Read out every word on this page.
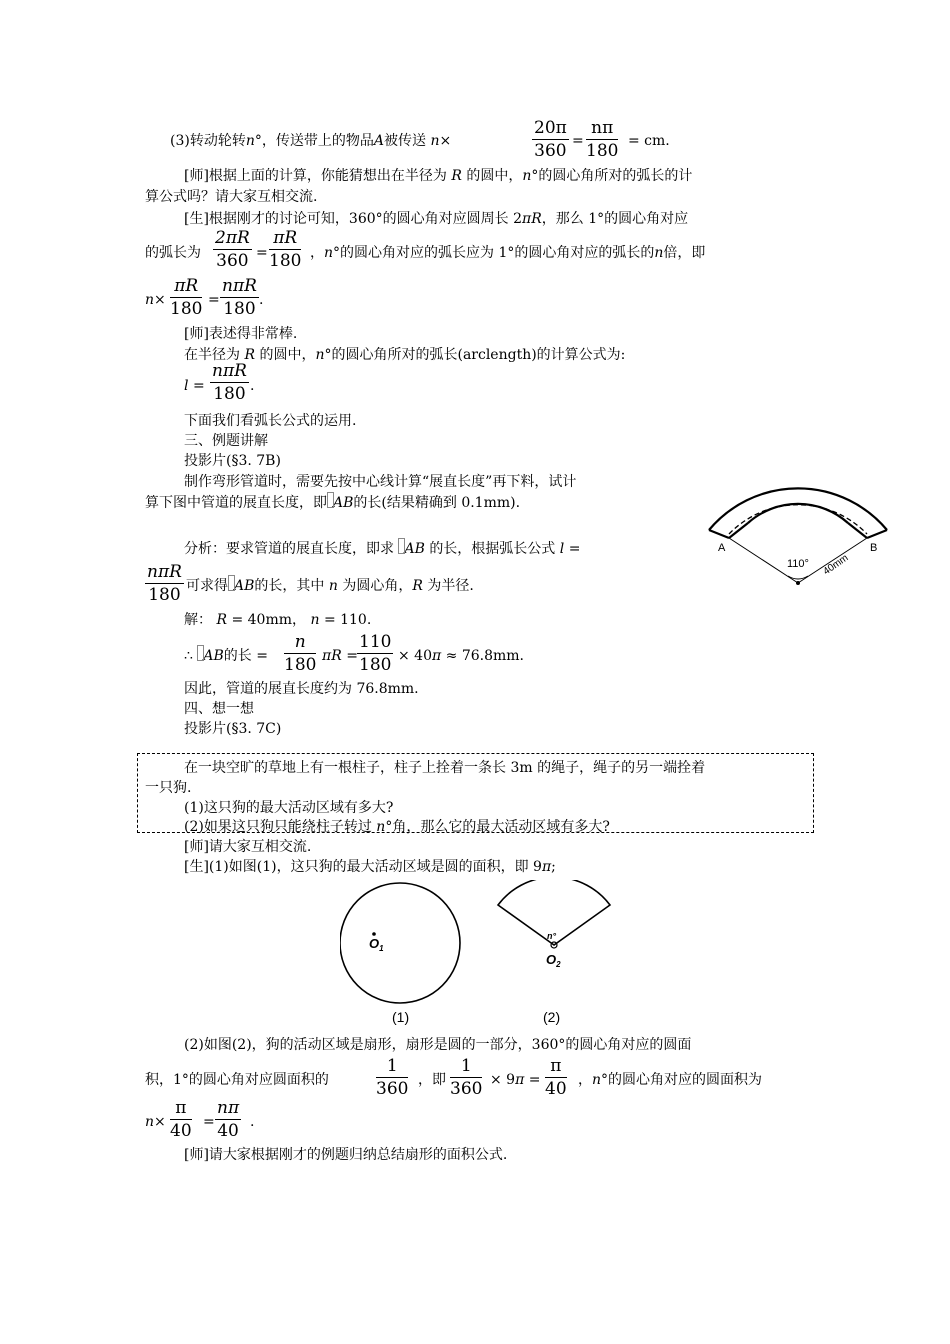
(3)转动轮转n°，传送带上的物品A被传送 n×	$\frac{20\pi}{360} = \frac{n\pi}{180}$ = cm.
[师]根据上面的计算，你能猜想出在半径为 R 的圆中，n°的圆心角所对的弧长的计
算公式吗？请大家互相交流.
[生]根据刚才的讨论可知，360°的圆心角对应圆周长 2πR，那么 1°的圆心角对应
的弧长为 $\frac{2\pi R}{360} = \frac{\pi R}{180}$ ，n°的圆心角对应的弧长应为 1°的圆心角对应的弧长的n倍，即
$n\times \frac{\pi R}{180}$ =
nπR
180 .
[师]表述得非常棒.
在半径为 R 的圆中，n°的圆心角所对的弧长(arclength)的计算公式为:
l =
nπR
180 .
下面我们看弧长公式的运用.
三、例题讲解
投影片(§3. 7B)
制作弯形管道时，需要先按中心线计算“展直长度”再下料，试计
算下图中管道的展直长度，即 AB的长(结果精确到 0.1mm).
A	B
110° 40mm
分析：要求管道的展直长度，即求 AB 的长，根据弧长公式 l =
nπR
180 可求得 AB的长，其中 n 为圆心角，R 为半径.
解： R = 40mm， n = 110.
∴ AB的长 = $\frac{n}{180}$ $\pi R = \frac{110}{180} \times 40\pi \approx 76.8mm$.
因此，管道的展直长度约为 76.8mm.
四、想一想
投影片(§3. 7C)
在一块空旷的草地上有一根柱子，柱子上拴着一条长 3m 的绳子，绳子的另一端拴着
一只狗.
(1)这只狗的最大活动区域有多大?
(2)如果这只狗只能绕柱子转过 n°角，那么它的最大活动区域有多大?
[师]请大家互相交流.
[生](1)如图(1)，这只狗的最大活动区域是圆的面积，即 9π;
$O_1$
n°
$O_2$
(1)	(2)
(2)如图(2)，狗的活动区域是扇形，扇形是圆的一部分，360°的圆心角对应的圆面
积，1°的圆心角对应圆面积的	$\frac{1}{360}$ ，即 $\frac{1}{360} \times 9\pi = \frac{\pi}{40}$ ，n°的圆心角对应的圆面积为
$n\times \frac{\pi}{40} = \frac{n\pi}{40}$ .
[师]请大家根据刚才的例题归纳总结扇形的面积公式.
